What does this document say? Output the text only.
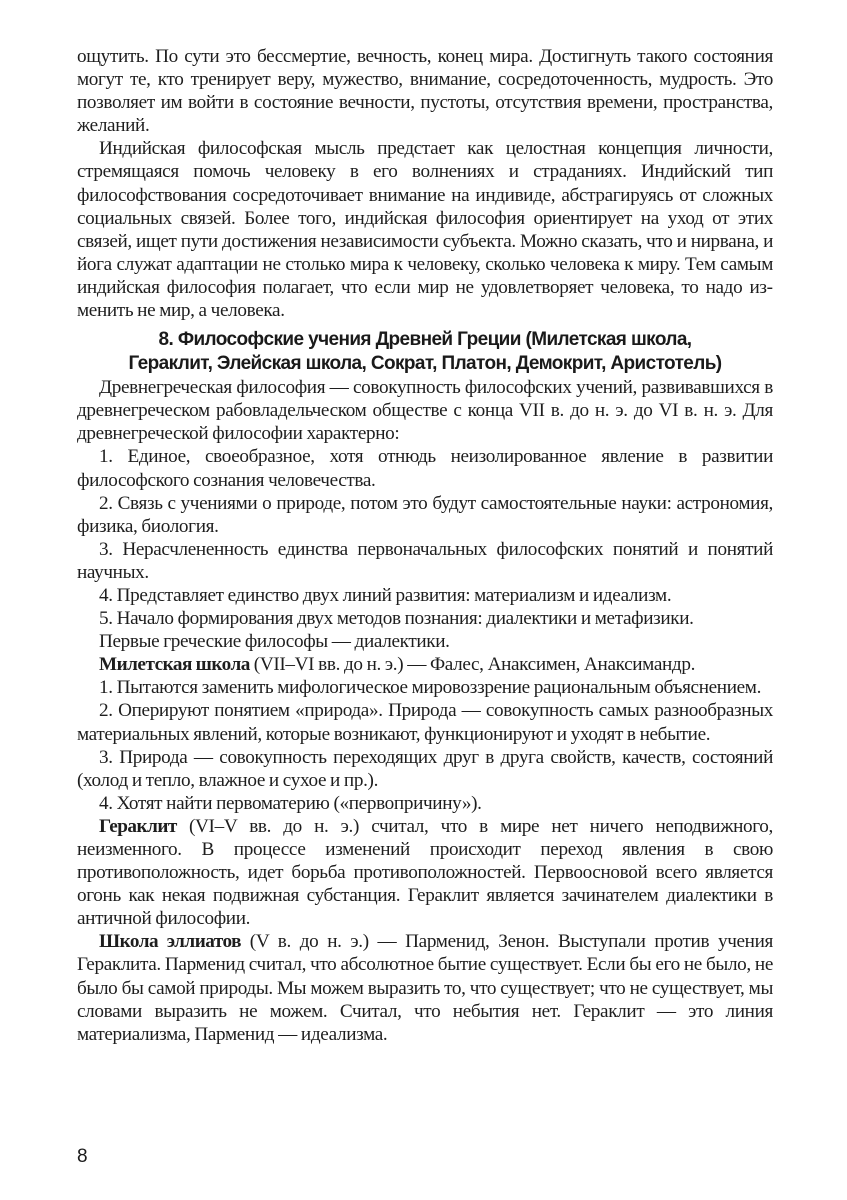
ощутить. По сути это бессмертие, вечность, конец мира. Достигнуть такого состояния могут те, кто тренирует веру, мужество, внимание, сосредоточенность, мудрость. Это позволяет им войти в состояние вечности, пустоты, отсутствия времени, пространства, желаний.

Индийская философская мысль предстает как целостная концепция личности, стремящаяся помочь человеку в его волнениях и страданиях. Индийский тип философствования сосредоточивает внимание на индивиде, абстрагируясь от сложных социальных связей. Более того, индийская философия ориентирует на уход от этих связей, ищет пути достижения независимости субъекта. Можно сказать, что и нирвана, и йога служат адаптации не столько мира к человеку, сколько человека к миру. Тем самым индийская философия полагает, что если мир не удовлетворяет человека, то надо изменить не мир, а человека.

8. Философские учения Древней Греции (Милетская школа,
Гераклит, Элейская школа, Сократ, Платон, Демокрит, Аристотель)

Древнегреческая философия — совокупность философских учений, развивавшихся в древнегреческом рабовладельческом обществе с конца VII в. до н. э. до VI в. н. э. Для древнегреческой философии характерно:

1. Единое, своеобразное, хотя отнюдь неизолированное явление в развитии философского сознания человечества.

2. Связь с учениями о природе, потом это будут самостоятельные науки: астрономия, физика, биология.

3. Нерасчлененность единства первоначальных философских понятий и понятий научных.

4. Представляет единство двух линий развития: материализм и идеализм.

5. Начало формирования двух методов познания: диалектики и метафизики.

Первые греческие философы — диалектики.

Милетская школа (VII–VI вв. до н. э.) — Фалес, Анаксимен, Анаксимандр.

1. Пытаются заменить мифологическое мировоззрение рациональным объяснением.

2. Оперируют понятием «природа». Природа — совокупность самых разнообразных материальных явлений, которые возникают, функционируют и уходят в небытие.

3. Природа — совокупность переходящих друг в друга свойств, качеств, состояний (холод и тепло, влажное и сухое и пр.).

4. Хотят найти первоматерию («первопричину»).

Гераклит (VI–V вв. до н. э.) считал, что в мире нет ничего неподвижного, неизменного. В процессе изменений происходит переход явления в свою противоположность, идет борьба противоположностей. Первоосновой всего является огонь как некая подвижная субстанция. Гераклит является зачинателем диалектики в античной философии.

Школа эллиатов (V в. до н. э.) — Парменид, Зенон. Выступали против учения Гераклита. Парменид считал, что абсолютное бытие существует. Если бы его не было, не было бы самой природы. Мы можем выразить то, что существует; что не существует, мы словами выразить не можем. Считал, что небытия нет. Гераклит — это линия материализма, Парменид — идеализма.

8
